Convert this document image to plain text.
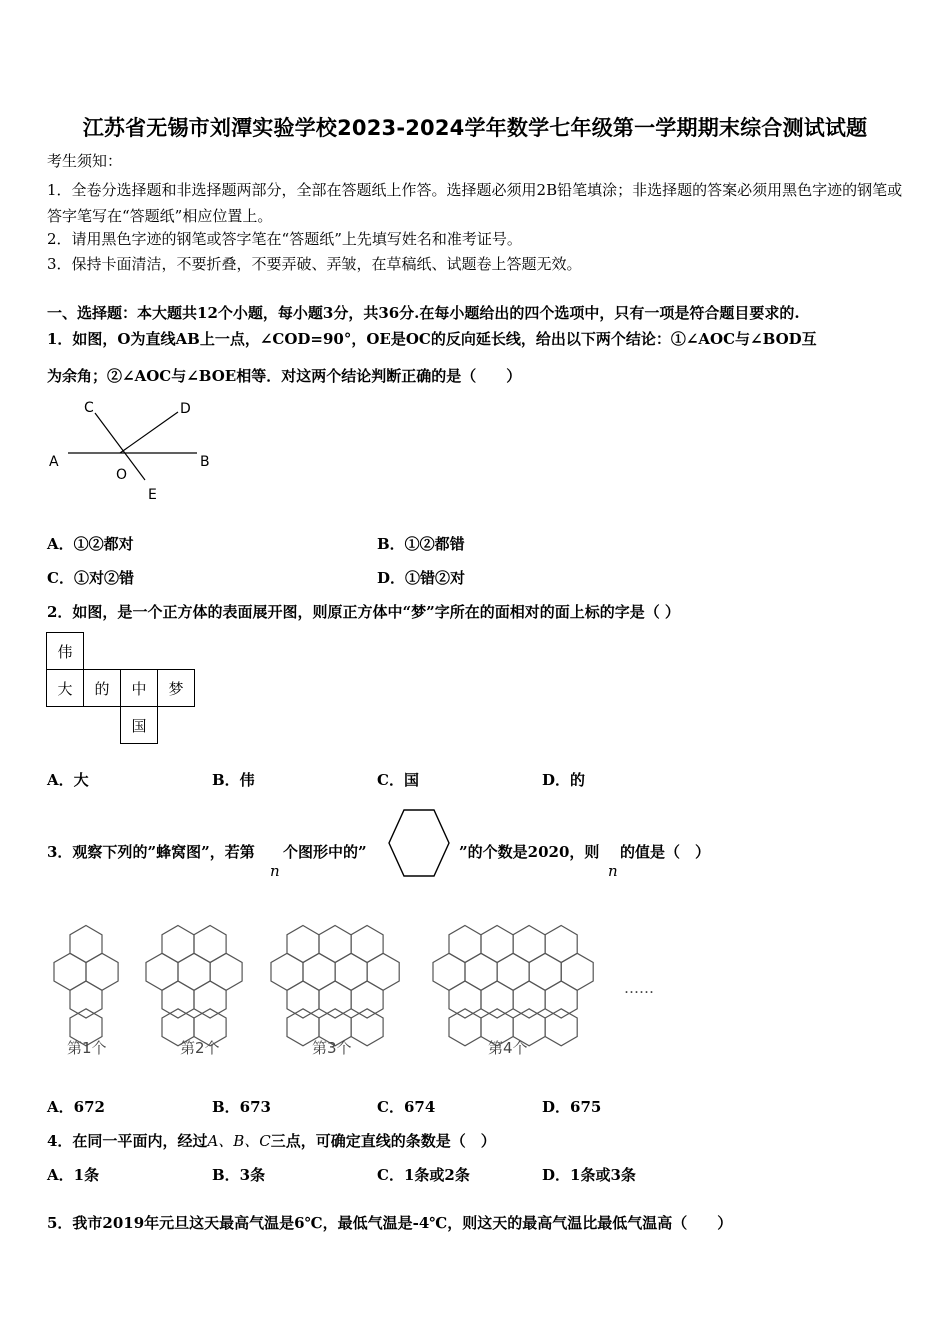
江苏省无锡市刘潭实验学校2023-2024学年数学七年级第一学期期末综合测试试题
考生须知：
1．全卷分选择题和非选择题两部分，全部在答题纸上作答。选择题必须用2B铅笔填涂；非选择题的答案必须用黑色字迹的钢笔或答字笔写在“答题纸”相应位置上。
2．请用黑色字迹的钢笔或答字笔在“答题纸”上先填写姓名和准考证号。
3．保持卡面清洁，不要折叠，不要弄破、弄皱，在草稿纸、试题卷上答题无效。
一、选择题：本大题共12个小题，每小题3分，共36分.在每小题给出的四个选项中，只有一项是符合题目要求的.
1．如图，O为直线AB上一点，∠COD=90°，OE是OC的反向延长线，给出以下两个结论：①∠AOC与∠BOD互
为余角；②∠AOC与∠BOE相等．对这两个结论判断正确的是（　　）
A	B
C	D
O
E
A．①②都对	B．①②都错
C．①对②错	D．①错②对
2．如图，是一个正方体的表面展开图，则原正方体中“梦”字所在的面相对的面上标的字是（ ）
伟
大	的	中	梦
国
A．大	B．伟	C．国	D．的
3．观察下列的”蜂窝图”，若第 个图形中的”	”的个数是2020，则 的值是（　）
n	n
第1个	第2个	第3个	第4个
……
A．672	B．673	C．674	D．675
4．在同一平面内，经过A、B、C三点，可确定直线的条数是（　）
A．1条	B．3条	C．1条或2条	D．1条或3条
5．我市2019年元旦这天最高气温是6℃，最低气温是-4℃，则这天的最高气温比最低气温高（　　）
